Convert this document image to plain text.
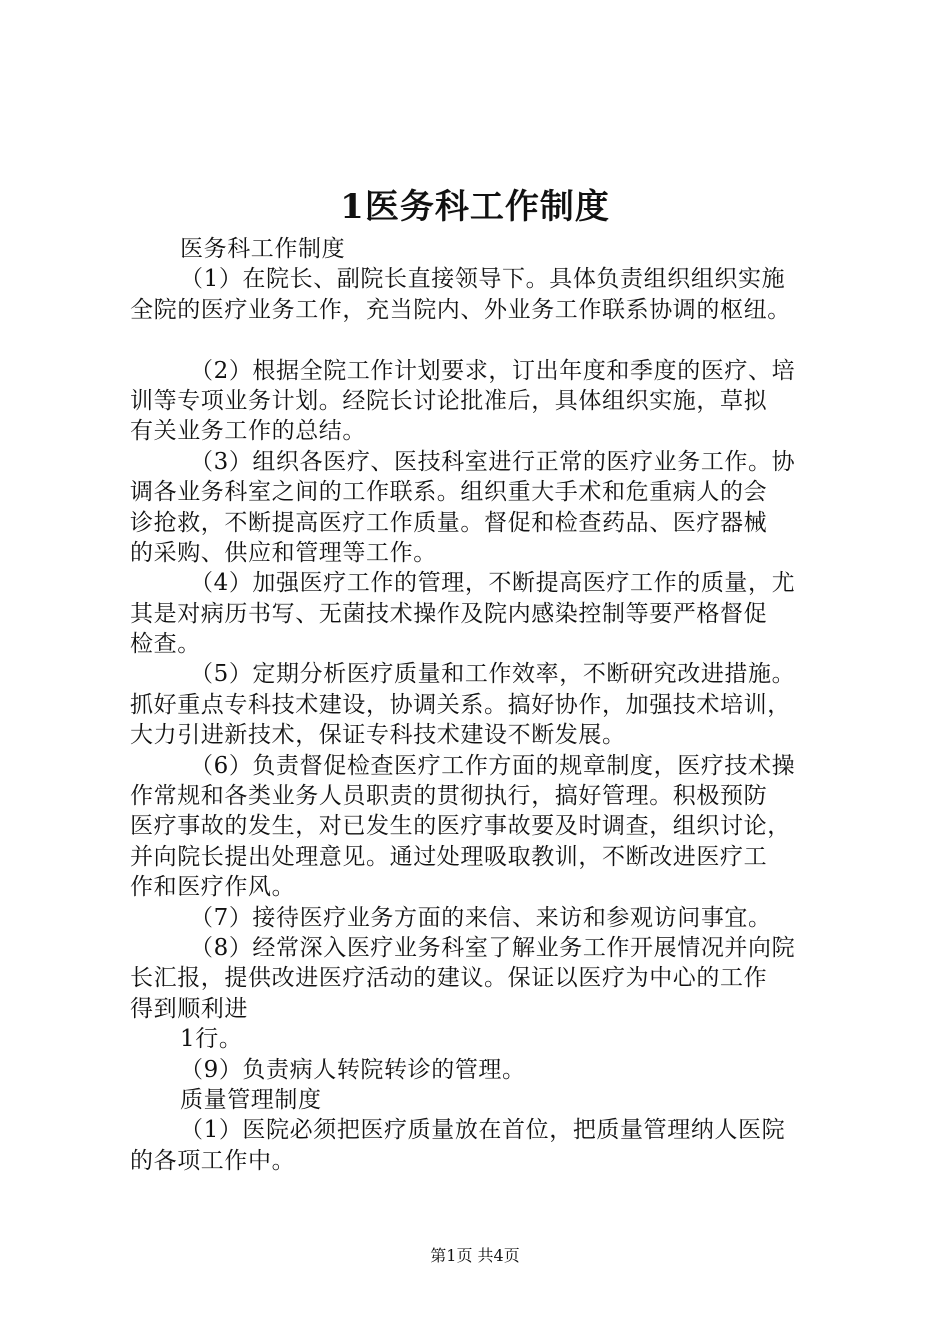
1医务科工作制度
医务科工作制度
（1）在院长、副院长直接领导下。具体负责组织组织实施
全院的医疗业务工作，充当院内、外业务工作联系协调的枢纽。
（2）根据全院工作计划要求，订出年度和季度的医疗、培
训等专项业务计划。经院长讨论批准后，具体组织实施，草拟
有关业务工作的总结。
（3）组织各医疗、医技科室进行正常的医疗业务工作。协
调各业务科室之间的工作联系。组织重大手术和危重病人的会
诊抢救，不断提高医疗工作质量。督促和检查药品、医疗器械
的采购、供应和管理等工作。
（4）加强医疗工作的管理，不断提高医疗工作的质量，尤
其是对病历书写、无菌技术操作及院内感染控制等要严格督促
检查。
（5）定期分析医疗质量和工作效率，不断研究改进措施。
抓好重点专科技术建设，协调关系。搞好协作，加强技术培训，
大力引进新技术，保证专科技术建设不断发展。
（6）负责督促检查医疗工作方面的规章制度，医疗技术操
作常规和各类业务人员职责的贯彻执行，搞好管理。积极预防
医疗事故的发生，对已发生的医疗事故要及时调查，组织讨论，
并向院长提出处理意见。通过处理吸取教训，不断改进医疗工
作和医疗作风。
（7）接待医疗业务方面的来信、来访和参观访问事宜。
（8）经常深入医疗业务科室了解业务工作开展情况并向院
长汇报，提供改进医疗活动的建议。保证以医疗为中心的工作
得到顺利进
1行。
（9）负责病人转院转诊的管理。
质量管理制度
（1）医院必须把医疗质量放在首位，把质量管理纳人医院
的各项工作中。
第1页 共4页
